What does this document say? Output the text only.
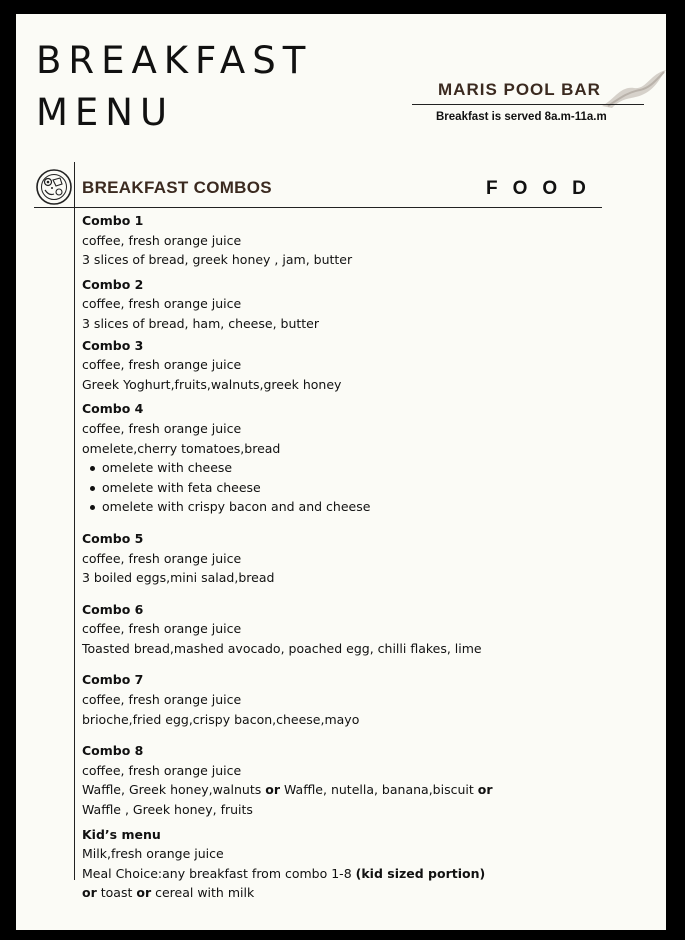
BREAKFAST
MENU
MARIS POOL BAR
Breakfast is served 8a.m-11a.m
BREAKFAST COMBOS	FOOD
Combo 1
coffee, fresh orange juice
3 slices of bread, greek honey , jam, butter
Combo 2
coffee, fresh orange juice
3 slices of bread, ham, cheese, butter
Combo 3
coffee, fresh orange juice
Greek Yoghurt,fruits,walnuts,greek honey
Combo 4
coffee, fresh orange juice
omelete,cherry tomatoes,bread
omelete with cheese
omelete with feta cheese
omelete with crispy bacon and and cheese
Combo 5
coffee, fresh orange juice
3 boiled eggs,mini salad,bread
Combo 6
coffee, fresh orange juice
Toasted bread,mashed avocado, poached egg, chilli flakes, lime
Combo 7
coffee, fresh orange juice
brioche,fried egg,crispy bacon,cheese,mayo
Combo 8
coffee, fresh orange juice
Waffle, Greek honey,walnuts or Waffle, nutella, banana,biscuit or
Waffle , Greek honey, fruits
Kid’s menu
Milk,fresh orange juice
Meal Choice:any breakfast from combo 1-8 (kid sized portion)
or toast or cereal with milk
